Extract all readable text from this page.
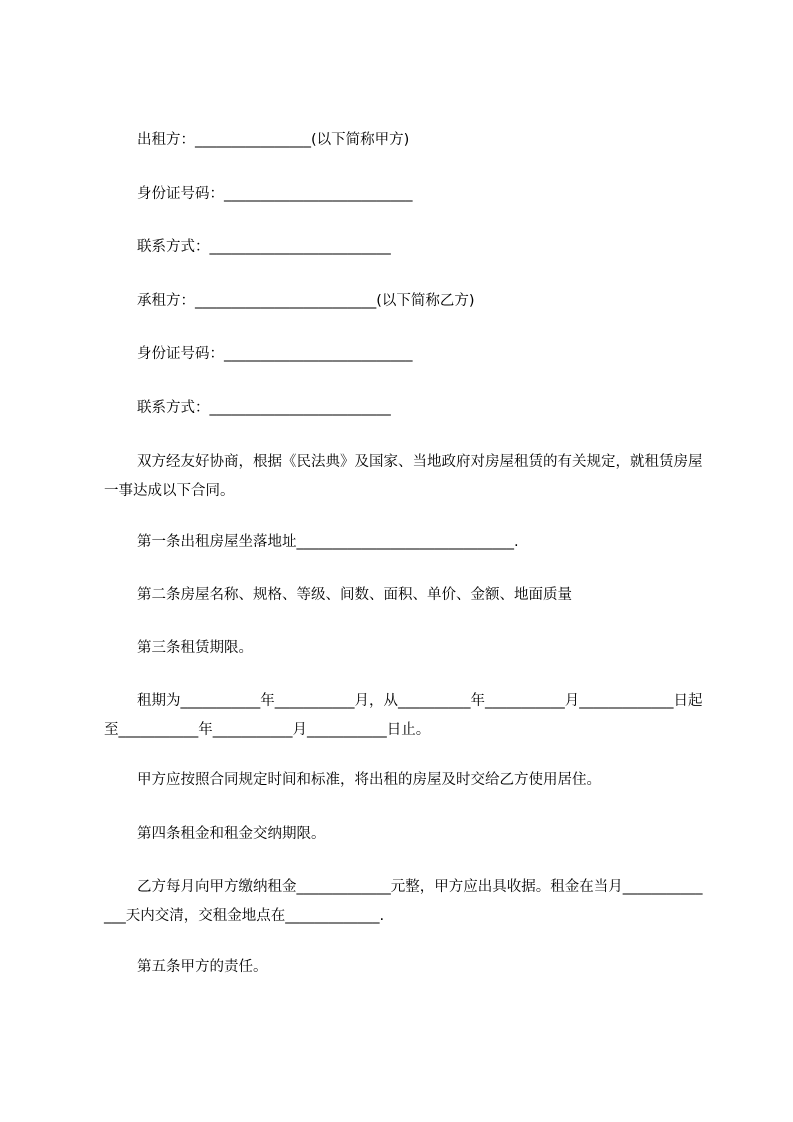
出租方：________________(以下简称甲方)
身份证号码：__________________________
联系方式：_________________________
承租方：_________________________(以下简称乙方)
身份证号码：__________________________
联系方式：_________________________
双方经友好协商，根据《民法典》及国家、当地政府对房屋租赁的有关规定，就租赁房屋一事达成以下合同。
第一条出租房屋坐落地址______________________________.
第二条房屋名称、规格、等级、间数、面积、单价、金额、地面质量
第三条租赁期限。
租期为___________年___________月，从__________年___________月_____________日起至___________年___________月___________日止。
甲方应按照合同规定时间和标准，将出租的房屋及时交给乙方使用居住。
第四条租金和租金交纳期限。
乙方每月向甲方缴纳租金_____________元整，甲方应出具收据。租金在当月______________天内交清，交租金地点在_____________.
第五条甲方的责任。
